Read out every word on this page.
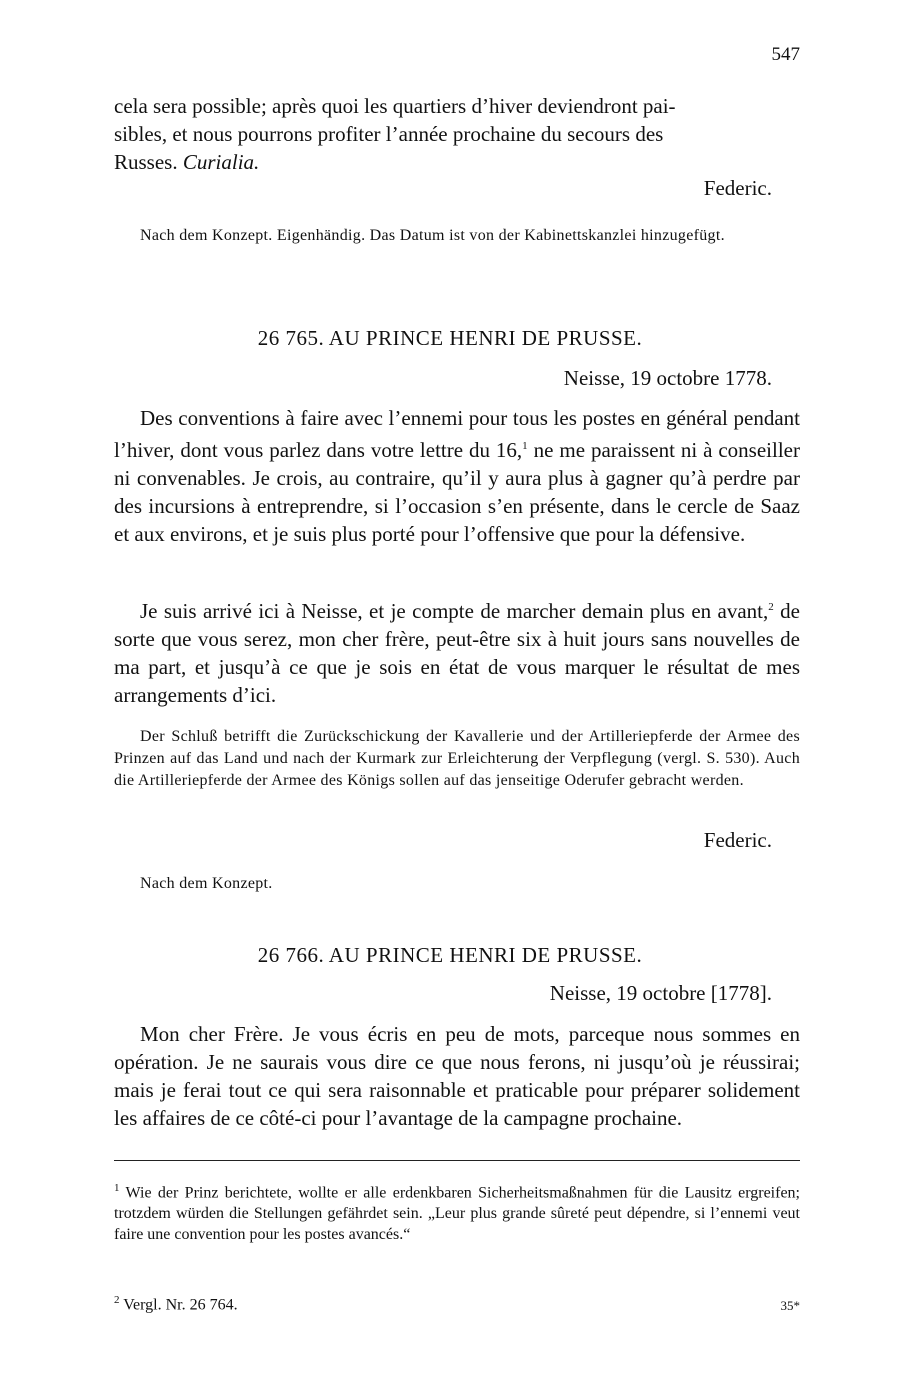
547
cela sera possible; après quoi les quartiers d’hiver deviendront pai-
sibles, et nous pourrons profiter l’année prochaine du secours des
Russes. Curialia.
Federic.
Nach dem Konzept. Eigenhändig. Das Datum ist von der Kabinettskanzlei hinzugefügt.
26 765. AU PRINCE HENRI DE PRUSSE.
Neisse, 19 octobre 1778.
Des conventions à faire avec l’ennemi pour tous les postes en général pendant l’hiver, dont vous parlez dans votre lettre du 16,$^1$ ne me paraissent ni à conseiller ni convenables. Je crois, au contraire, qu’il y aura plus à gagner qu’à perdre par des incursions à entreprendre, si l’occasion s’en présente, dans le cercle de Saaz et aux environs, et je suis plus porté pour l’offensive que pour la défensive.
Je suis arrivé ici à Neisse, et je compte de marcher demain plus en avant,$^2$ de sorte que vous serez, mon cher frère, peut-être six à huit jours sans nouvelles de ma part, et jusqu’à ce que je sois en état de vous marquer le résultat de mes arrangements d’ici.
Der Schluß betrifft die Zurückschickung der Kavallerie und der Artilleriepferde der Armee des Prinzen auf das Land und nach der Kurmark zur Erleichterung der Verpflegung (vergl. S. 530). Auch die Artilleriepferde der Armee des Königs sollen auf das jenseitige Oderufer gebracht werden.
Federic.
Nach dem Konzept.
26 766. AU PRINCE HENRI DE PRUSSE.
Neisse, 19 octobre [1778].
Mon cher Frère. Je vous écris en peu de mots, parceque nous sommes en opération. Je ne saurais vous dire ce que nous ferons, ni jusqu’où je réussirai; mais je ferai tout ce qui sera raisonnable et praticable pour préparer solidement les affaires de ce côté-ci pour l’avantage de la campagne prochaine.
$^1$ Wie der Prinz berichtete, wollte er alle erdenkbaren Sicherheitsmaßnahmen für die Lausitz ergreifen; trotzdem würden die Stellungen gefährdet sein. „Leur plus grande sûreté peut dépendre, si l’ennemi veut faire une convention pour les postes avancés.“
$^2$ Vergl. Nr. 26 764.	35*
